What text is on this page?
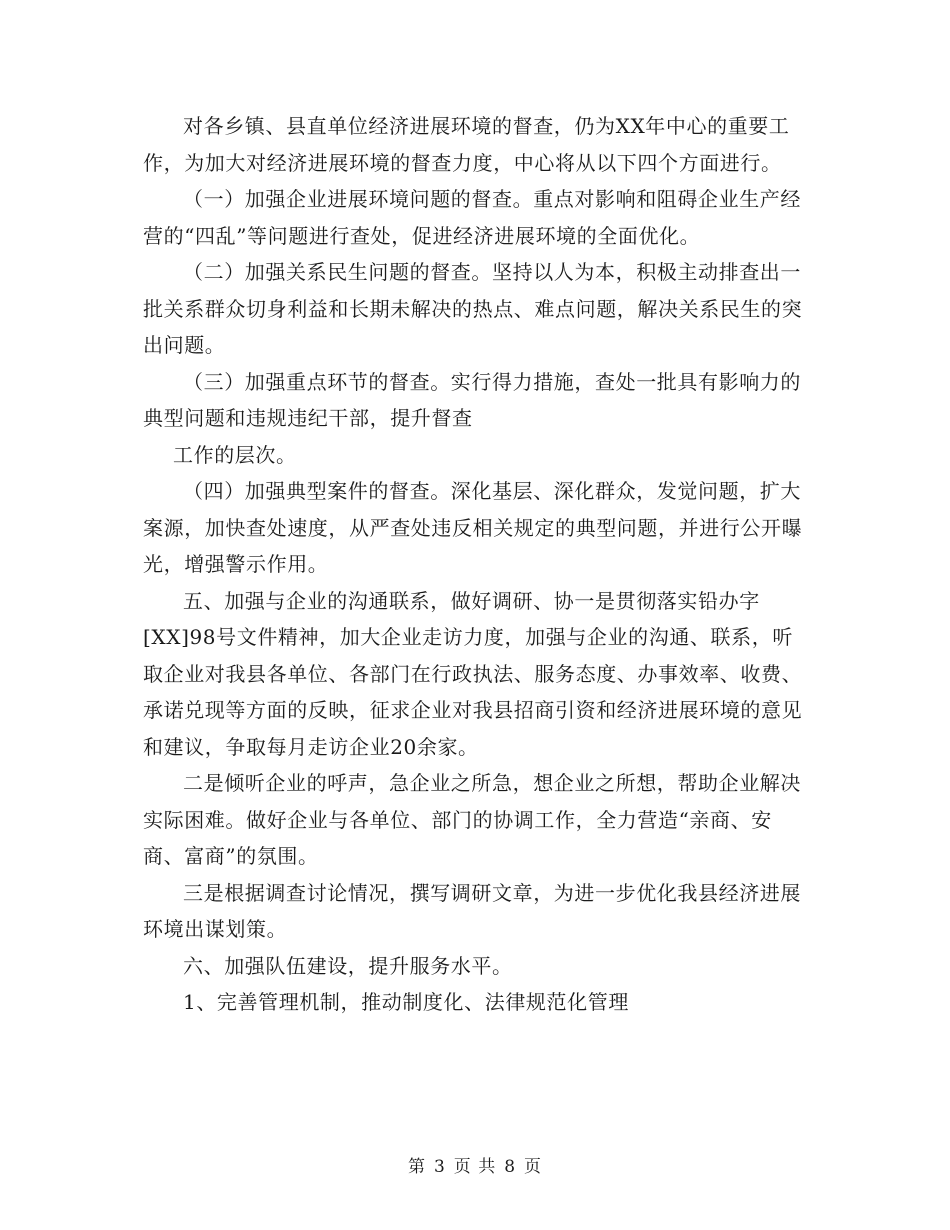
对各乡镇、县直单位经济进展环境的督查，仍为XX年中心的重要工作，为加大对经济进展环境的督查力度，中心将从以下四个方面进行。

（一）加强企业进展环境问题的督查。重点对影响和阻碍企业生产经营的“四乱”等问题进行查处，促进经济进展环境的全面优化。

（二）加强关系民生问题的督查。坚持以人为本，积极主动排查出一批关系群众切身利益和长期未解决的热点、难点问题，解决关系民生的突出问题。

（三）加强重点环节的督查。实行得力措施，查处一批具有影响力的典型问题和违规违纪干部，提升督查

工作的层次。

（四）加强典型案件的督查。深化基层、深化群众，发觉问题，扩大案源，加快查处速度，从严查处违反相关规定的典型问题，并进行公开曝光，增强警示作用。

五、加强与企业的沟通联系，做好调研、协一是贯彻落实铅办字[XX]98号文件精神，加大企业走访力度，加强与企业的沟通、联系，听取企业对我县各单位、各部门在行政执法、服务态度、办事效率、收费、承诺兑现等方面的反映，征求企业对我县招商引资和经济进展环境的意见和建议，争取每月走访企业20余家。

二是倾听企业的呼声，急企业之所急，想企业之所想，帮助企业解决实际困难。做好企业与各单位、部门的协调工作，全力营造“亲商、安商、富商”的氛围。

三是根据调查讨论情况，撰写调研文章，为进一步优化我县经济进展环境出谋划策。

六、加强队伍建设，提升服务水平。

1、完善管理机制，推动制度化、法律规范化管理

第 3 页 共 8 页
